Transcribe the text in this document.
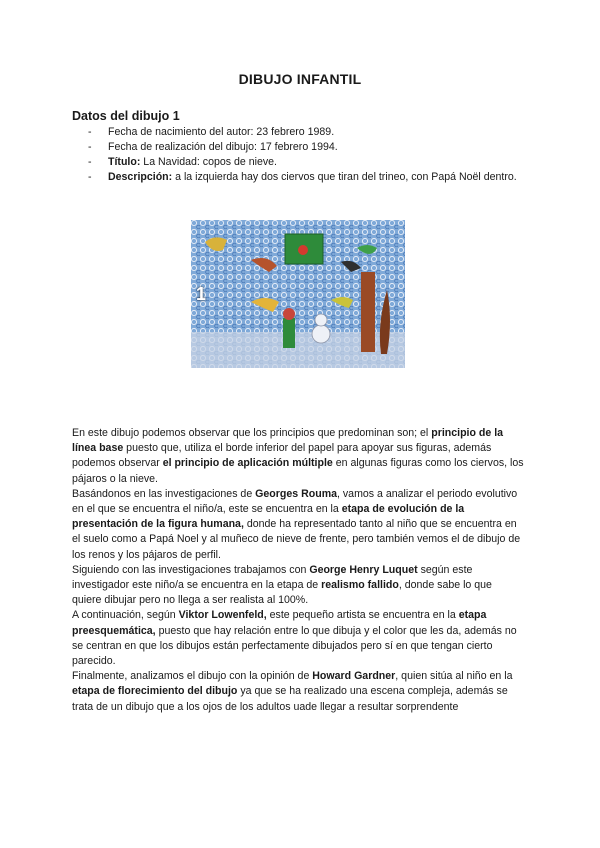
DIBUJO INFANTIL
Datos del dibujo 1
- Fecha de nacimiento del autor: 23 febrero 1989.
- Fecha de realización del dibujo: 17 febrero 1994.
- Título: La Navidad: copos de nieve.
- Descripción: a la izquierda hay dos ciervos que tiran del trineo, con Papá Noël dentro.
1

En este dibujo podemos observar que los principios que predominan son; el principio de la línea base puesto que, utiliza el borde inferior del papel para apoyar sus figuras, además podemos observar el principio de aplicación múltiple en algunas figuras como los ciervos, los pájaros o la nieve.

Basándonos en las investigaciones de Georges Rouma, vamos a analizar el periodo evolutivo en el que se encuentra el niño/a, este se encuentra en la etapa de evolución de la presentación de la figura humana, donde ha representado tanto al niño que se encuentra en el suelo como a Papá Noel y al muñeco de nieve de frente, pero también vemos el de dibujo de los renos y los pájaros de perfil.

Siguiendo con las investigaciones trabajamos con George Henry Luquet según este investigador este niño/a se encuentra en la etapa de realismo fallido, donde sabe lo que quiere dibujar pero no llega a ser realista al 100%.

A continuación, según Viktor Lowenfeld, este pequeño artista se encuentra en la etapa preesquemática, puesto que hay relación entre lo que dibuja y el color que les da, además no se centran en que los dibujos están perfectamente dibujados pero sí en que tengan cierto parecido.

Finalmente, analizamos el dibujo con la opinión de Howard Gardner, quien sitúa al niño en la etapa de florecimiento del dibujo ya que se ha realizado una escena compleja, además se trata de un dibujo que a los ojos de los adultos uade llegar a resultar sorprendente
